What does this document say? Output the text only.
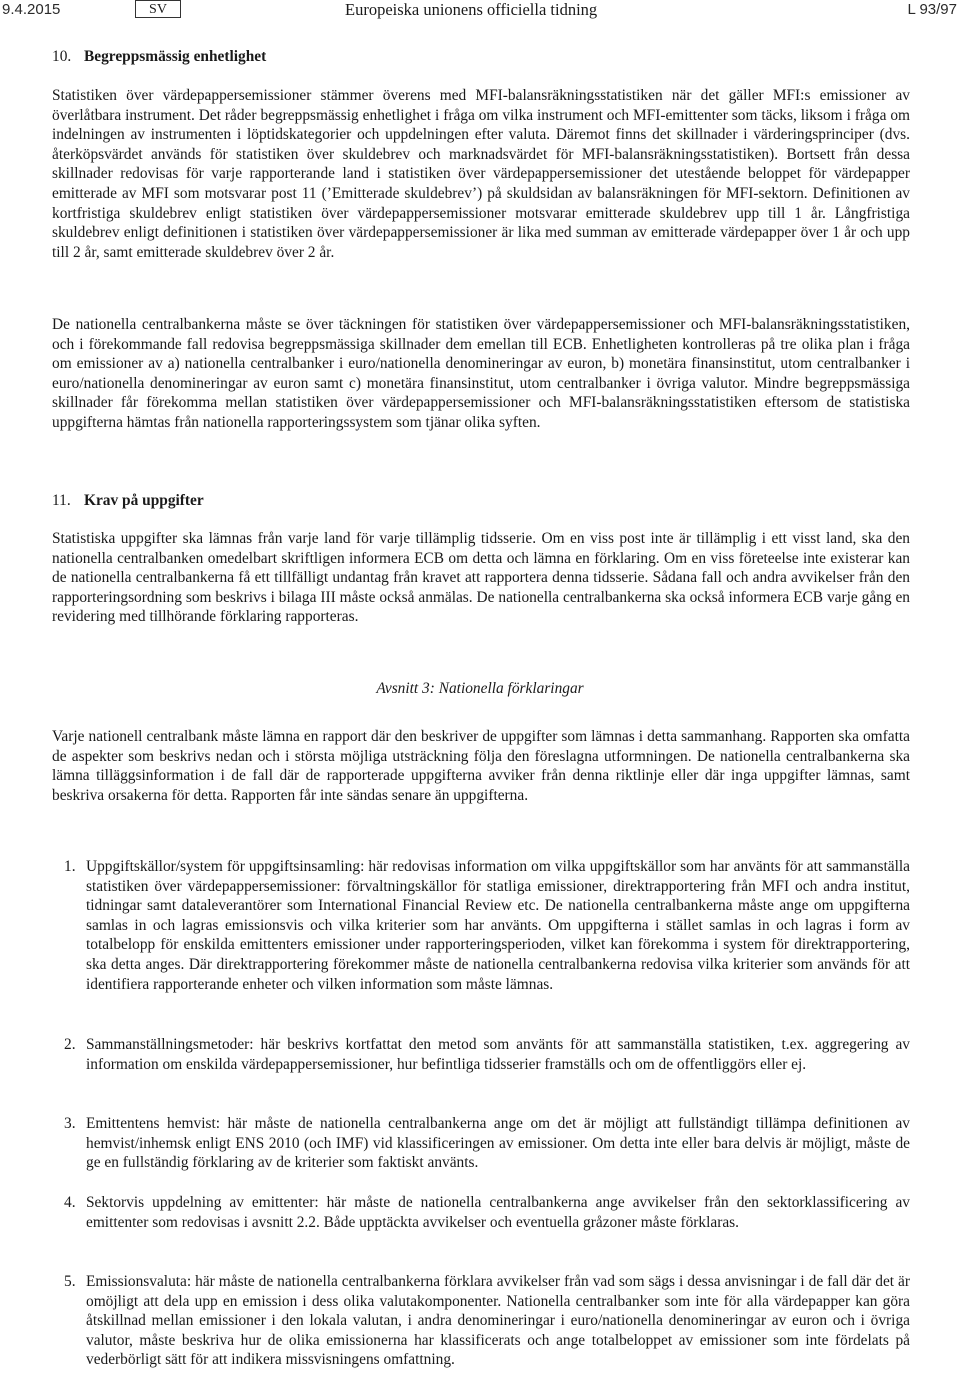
9.4.2015	SV	Europeiska unionens officiella tidning	L 93/97
10. Begreppsmässig enhetlighet

Statistiken över värdepappersemissioner stämmer överens med MFI-balansräkningsstatistiken när det gäller MFI:s emissioner av överlåtbara instrument. Det råder begreppsmässig enhetlighet i fråga om vilka instrument och MFI-emittenter som täcks, liksom i fråga om indelningen av instrumenten i löptidskategorier och uppdelningen efter valuta. Däremot finns det skillnader i värderingsprinciper (dvs. återköpsvärdet används för statistiken över skuldebrev och marknadsvärdet för MFI-balansräkningsstatistiken). Bortsett från dessa skillnader redovisas för varje rapporterande land i statistiken över värdepappersemissioner det utestående beloppet för värdepapper emitterade av MFI som motsvarar post 11 (’Emitterade skuldebrev’) på skuldsidan av balansräkningen för MFI-sektorn. Definitionen av kortfristiga skuldebrev enligt statistiken över värdepappersemissioner motsvarar emitterade skuldebrev upp till 1 år. Långfristiga skuldebrev enligt definitionen i statistiken över värdepappersemissioner är lika med summan av emitterade värdepapper över 1 år och upp till 2 år, samt emitterade skuldebrev över 2 år.

De nationella centralbankerna måste se över täckningen för statistiken över värdepappersemissioner och MFI-balansräkningsstatistiken, och i förekommande fall redovisa begreppsmässiga skillnader dem emellan till ECB. Enhetligheten kontrolleras på tre olika plan i fråga om emissioner av a) nationella centralbanker i euro/nationella denomineringar av euron, b) monetära finansinstitut, utom centralbanker i euro/nationella denomineringar av euron samt c) monetära finansinstitut, utom centralbanker i övriga valutor. Mindre begreppsmässiga skillnader får förekomma mellan statistiken över värdepappersemissioner och MFI-balansräkningsstatistiken eftersom de statistiska uppgifterna hämtas från nationella rapporteringssystem som tjänar olika syften.

11. Krav på uppgifter

Statistiska uppgifter ska lämnas från varje land för varje tillämplig tidsserie. Om en viss post inte är tillämplig i ett visst land, ska den nationella centralbanken omedelbart skriftligen informera ECB om detta och lämna en förklaring. Om en viss företeelse inte existerar kan de nationella centralbankerna få ett tillfälligt undantag från kravet att rapportera denna tidsserie. Sådana fall och andra avvikelser från den rapporteringsordning som beskrivs i bilaga III måste också anmälas. De nationella centralbankerna ska också informera ECB varje gång en revidering med tillhörande förklaring rapporteras.

Avsnitt 3: Nationella förklaringar

Varje nationell centralbank måste lämna en rapport där den beskriver de uppgifter som lämnas i detta sammanhang. Rapporten ska omfatta de aspekter som beskrivs nedan och i största möjliga utsträckning följa den föreslagna utformningen. De nationella centralbankerna ska lämna tilläggsinformation i de fall där de rapporterade uppgifterna avviker från denna riktlinje eller där inga uppgifter lämnas, samt beskriva orsakerna för detta. Rapporten får inte sändas senare än uppgifterna.

1. Uppgiftskällor/system för uppgiftsinsamling: här redovisas information om vilka uppgiftskällor som har använts för att sammanställa statistiken över värdepappersemissioner: förvaltningskällor för statliga emissioner, direktrapportering från MFI och andra institut, tidningar samt dataleverantörer som International Financial Review etc. De nationella centralbankerna måste ange om uppgifterna samlas in och lagras emissionsvis och vilka kriterier som har använts. Om uppgifterna i stället samlas in och lagras i form av totalbelopp för enskilda emittenters emissioner under rapporteringsperioden, vilket kan förekomma i system för direktrapportering, ska detta anges. Där direktrapportering förekommer måste de nationella centralbankerna redovisa vilka kriterier som används för att identifiera rapporterande enheter och vilken information som måste lämnas.
2. Sammanställningsmetoder: här beskrivs kortfattat den metod som använts för att sammanställa statistiken, t.ex. aggregering av information om enskilda värdepappersemissioner, hur befintliga tidsserier framställs och om de offentliggörs eller ej.
3. Emittentens hemvist: här måste de nationella centralbankerna ange om det är möjligt att fullständigt tillämpa definitionen av hemvist/inhemsk enligt ENS 2010 (och IMF) vid klassificeringen av emissioner. Om detta inte eller bara delvis är möjligt, måste de ge en fullständig förklaring av de kriterier som faktiskt använts.
4. Sektorvis uppdelning av emittenter: här måste de nationella centralbankerna ange avvikelser från den sektorklassificering av emittenter som redovisas i avsnitt 2.2. Både upptäckta avvikelser och eventuella gråzoner måste förklaras.
5. Emissionsvaluta: här måste de nationella centralbankerna förklara avvikelser från vad som sägs i dessa anvisningar i de fall där det är omöjligt att dela upp en emission i dess olika valutakomponenter. Nationella centralbanker som inte för alla värdepapper kan göra åtskillnad mellan emissioner i den lokala valutan, i andra denomineringar i euro/nationella denomineringar av euron och i övriga valutor, måste beskriva hur de olika emissionerna har klassificerats och ange totalbeloppet av emissioner som inte fördelats på vederbörligt sätt för att indikera missvisningens omfattning.
